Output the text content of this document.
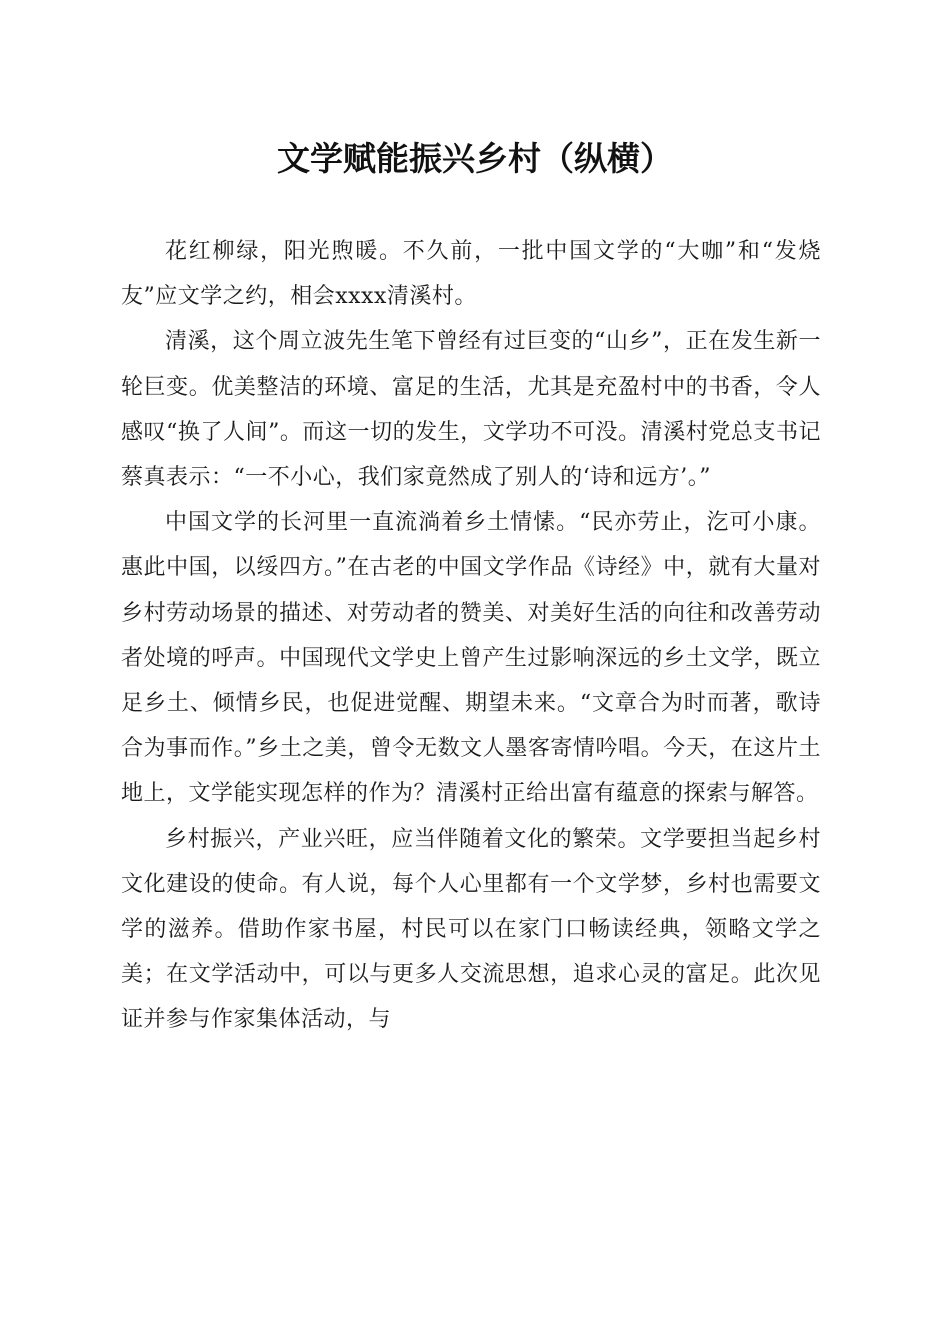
文学赋能振兴乡村（纵横）

花红柳绿，阳光煦暖。不久前，一批中国文学的“大咖”和“发烧友”应文学之约，相会xxxx清溪村。

清溪，这个周立波先生笔下曾经有过巨变的“山乡”，正在发生新一轮巨变。优美整洁的环境、富足的生活，尤其是充盈村中的书香，令人感叹“换了人间”。而这一切的发生，文学功不可没。清溪村党总支书记蔡真表示：“一不小心，我们家竟然成了别人的‘诗和远方’。”

中国文学的长河里一直流淌着乡土情愫。“民亦劳止，汔可小康。惠此中国，以绥四方。”在古老的中国文学作品《诗经》中，就有大量对乡村劳动场景的描述、对劳动者的赞美、对美好生活的向往和改善劳动者处境的呼声。中国现代文学史上曾产生过影响深远的乡土文学，既立足乡土、倾情乡民，也促进觉醒、期望未来。“文章合为时而著，歌诗合为事而作。”乡土之美，曾令无数文人墨客寄情吟唱。今天，在这片土地上，文学能实现怎样的作为？清溪村正给出富有蕴意的探索与解答。

乡村振兴，产业兴旺，应当伴随着文化的繁荣。文学要担当起乡村文化建设的使命。有人说，每个人心里都有一个文学梦，乡村也需要文学的滋养。借助作家书屋，村民可以在家门口畅读经典，领略文学之美；在文学活动中，可以与更多人交流思想，追求心灵的富足。此次见证并参与作家集体活动，与
